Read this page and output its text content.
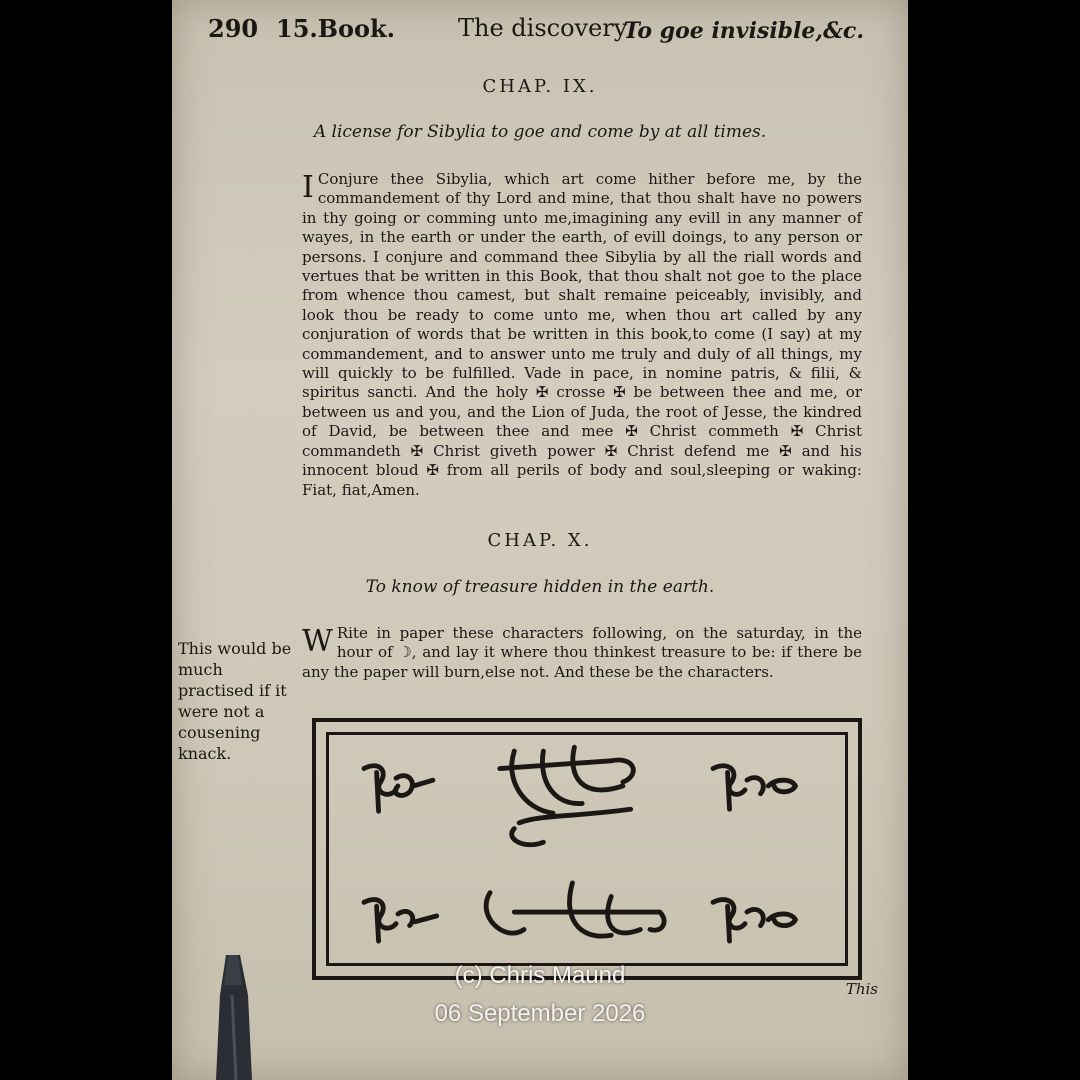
290 15.Book.	The discovery
To goe invisible,&c.
CHAP. IX.
A license for Sibylia to goe and come by at all times.

I Conjure thee Sibylia, which art come hither before me, by the commandement of thy Lord and mine, that thou shalt have no powers in thy going or comming unto me,imagining any evill in any manner of wayes, in the earth or under the earth, of evill doings, to any person or persons. I conjure and command thee Sibylia by all the riall words and vertues that be written in this Book, that thou shalt not goe to the place from whence thou camest, but shalt remaine peiceably, invisibly, and look thou be ready to come unto me, when thou art called by any conjuration of words that be written in this book,to come (I say) at my commandement, and to answer unto me truly and duly of all things, my will quickly to be fulfilled. Vade in pace, in nomine patris, & filii, & spiritus sancti. And the holy ✠ crosse ✠ be between thee and me, or between us and you, and the Lion of Juda, the root of Jesse, the kindred of David, be between thee and mee ✠ Christ commeth ✠ Christ commandeth ✠ Christ giveth power ✠ Christ defend me ✠ and his innocent bloud ✠ from all perils of body and soul,sleeping or waking: Fiat, fiat,Amen.

CHAP. X.
To know of treasure hidden in the earth.

W Rite in paper these characters following, on the saturday, in the hour of ☽, and lay it where thou thinkest treasure to be: if there be any the paper will burn,else not. And these be the characters.

This would be much practised if it were not a cousening knack.
This
(c) Chris Maund
06 September 2026
